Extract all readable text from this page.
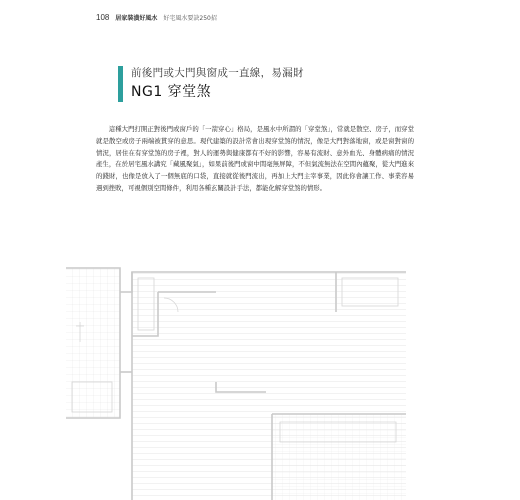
108 居家裝潢好風水 好宅風水要訣250招
前後門或大門與窗成一直線，易漏財
NG1 穿堂煞

這種大門打開正對後門或窗戶的「一箭穿心」格局，是風水中所謂的「穿堂煞」，常就是散空、房子，而穿堂就是散空或房子兩端被貫穿的意思。現代建築的設計常會出現穿堂煞的情況，像是大門對落地窗，或是窗對窗的情況，居住在有穿堂煞的房子裡，對人的運勢與健康都有不好的影響，容易有流財、意外血光、身體病痛的情況產生，在於居宅風水講究「藏風聚氣」，如果前後門或窗中間毫無屏障，不但氣流無法在空間內蘊聚，從大門進來的錢財，也像是放入了一個無底的口袋，直接就從後門流出，再加上大門主宰事業，因此你會讓工作、事業容易遇到挫敗，可視個別空間條件，利用各種玄關設計手法，都能化解穿堂煞的情形。
